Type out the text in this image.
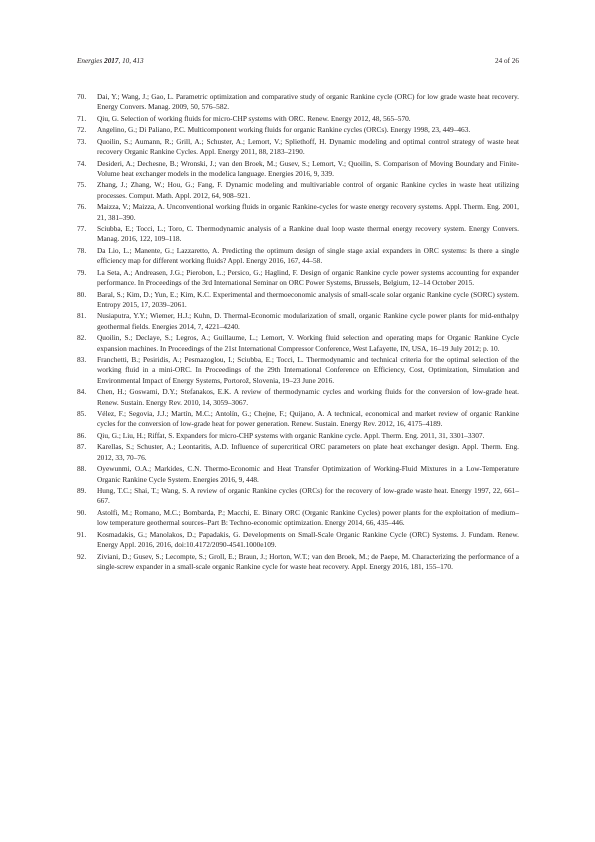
Energies 2017, 10, 413	24 of 26
70. Dai, Y.; Wang, J.; Gao, L. Parametric optimization and comparative study of organic Rankine cycle (ORC) for low grade waste heat recovery. Energy Convers. Manag. 2009, 50, 576–582.
71. Qiu, G. Selection of working fluids for micro-CHP systems with ORC. Renew. Energy 2012, 48, 565–570.
72. Angelino, G.; Di Paliano, P.C. Multicomponent working fluids for organic Rankine cycles (ORCs). Energy 1998, 23, 449–463.
73. Quoilin, S.; Aumann, R.; Grill, A.; Schuster, A.; Lemort, V.; Spliethoff, H. Dynamic modeling and optimal control strategy of waste heat recovery Organic Rankine Cycles. Appl. Energy 2011, 88, 2183–2190.
74. Desideri, A.; Dechesne, B.; Wronski, J.; van den Broek, M.; Gusev, S.; Lemort, V.; Quoilin, S. Comparison of Moving Boundary and Finite-Volume heat exchanger models in the modelica language. Energies 2016, 9, 339.
75. Zhang, J.; Zhang, W.; Hou, G.; Fang, F. Dynamic modeling and multivariable control of organic Rankine cycles in waste heat utilizing processes. Comput. Math. Appl. 2012, 64, 908–921.
76. Maizza, V.; Maizza, A. Unconventional working fluids in organic Rankine-cycles for waste energy recovery systems. Appl. Therm. Eng. 2001, 21, 381–390.
77. Sciubba, E.; Tocci, L.; Toro, C. Thermodynamic analysis of a Rankine dual loop waste thermal energy recovery system. Energy Convers. Manag. 2016, 122, 109–118.
78. Da Lio, L.; Manente, G.; Lazzaretto, A. Predicting the optimum design of single stage axial expanders in ORC systems: Is there a single efficiency map for different working fluids? Appl. Energy 2016, 167, 44–58.
79. La Seta, A.; Andreasen, J.G.; Pierobon, L.; Persico, G.; Haglind, F. Design of organic Rankine cycle power systems accounting for expander performance. In Proceedings of the 3rd International Seminar on ORC Power Systems, Brussels, Belgium, 12–14 October 2015.
80. Baral, S.; Kim, D.; Yun, E.; Kim, K.C. Experimental and thermoeconomic analysis of small-scale solar organic Rankine cycle (SORC) system. Entropy 2015, 17, 2039–2061.
81. Nusiaputra, Y.Y.; Wiemer, H.J.; Kuhn, D. Thermal-Economic modularization of small, organic Rankine cycle power plants for mid-enthalpy geothermal fields. Energies 2014, 7, 4221–4240.
82. Quoilin, S.; Declaye, S.; Legros, A.; Guillaume, L.; Lemort, V. Working fluid selection and operating maps for Organic Rankine Cycle expansion machines. In Proceedings of the 21st International Compressor Conference, West Lafayette, IN, USA, 16–19 July 2012; p. 10.
83. Franchetti, B.; Pesiridis, A.; Pesmazoglou, I.; Sciubba, E.; Tocci, L. Thermodynamic and technical criteria for the optimal selection of the working fluid in a mini-ORC. In Proceedings of the 29th International Conference on Efficiency, Cost, Optimization, Simulation and Environmental Impact of Energy Systems, Portorož, Slovenia, 19–23 June 2016.
84. Chen, H.; Goswami, D.Y.; Stefanakos, E.K. A review of thermodynamic cycles and working fluids for the conversion of low-grade heat. Renew. Sustain. Energy Rev. 2010, 14, 3059–3067.
85. Vélez, F.; Segovia, J.J.; Martín, M.C.; Antolín, G.; Chejne, F.; Quijano, A. A technical, economical and market review of organic Rankine cycles for the conversion of low-grade heat for power generation. Renew. Sustain. Energy Rev. 2012, 16, 4175–4189.
86. Qiu, G.; Liu, H.; Riffat, S. Expanders for micro-CHP systems with organic Rankine cycle. Appl. Therm. Eng. 2011, 31, 3301–3307.
87. Karellas, S.; Schuster, A.; Leontaritis, A.D. Influence of supercritical ORC parameters on plate heat exchanger design. Appl. Therm. Eng. 2012, 33, 70–76.
88. Oyewunmi, O.A.; Markides, C.N. Thermo-Economic and Heat Transfer Optimization of Working-Fluid Mixtures in a Low-Temperature Organic Rankine Cycle System. Energies 2016, 9, 448.
89. Hung, T.C.; Shai, T.; Wang, S. A review of organic Rankine cycles (ORCs) for the recovery of low-grade waste heat. Energy 1997, 22, 661–667.
90. Astolfi, M.; Romano, M.C.; Bombarda, P.; Macchi, E. Binary ORC (Organic Rankine Cycles) power plants for the exploitation of medium–low temperature geothermal sources–Part B: Techno-economic optimization. Energy 2014, 66, 435–446.
91. Kosmadakis, G.; Manolakos, D.; Papadakis, G. Developments on Small-Scale Organic Rankine Cycle (ORC) Systems. J. Fundam. Renew. Energy Appl. 2016, 2016, doi:10.4172/2090-4541.1000e109.
92. Ziviani, D.; Gusev, S.; Lecompte, S.; Groll, E.; Braun, J.; Horton, W.T.; van den Broek, M.; de Paepe, M. Characterizing the performance of a single-screw expander in a small-scale organic Rankine cycle for waste heat recovery. Appl. Energy 2016, 181, 155–170.
